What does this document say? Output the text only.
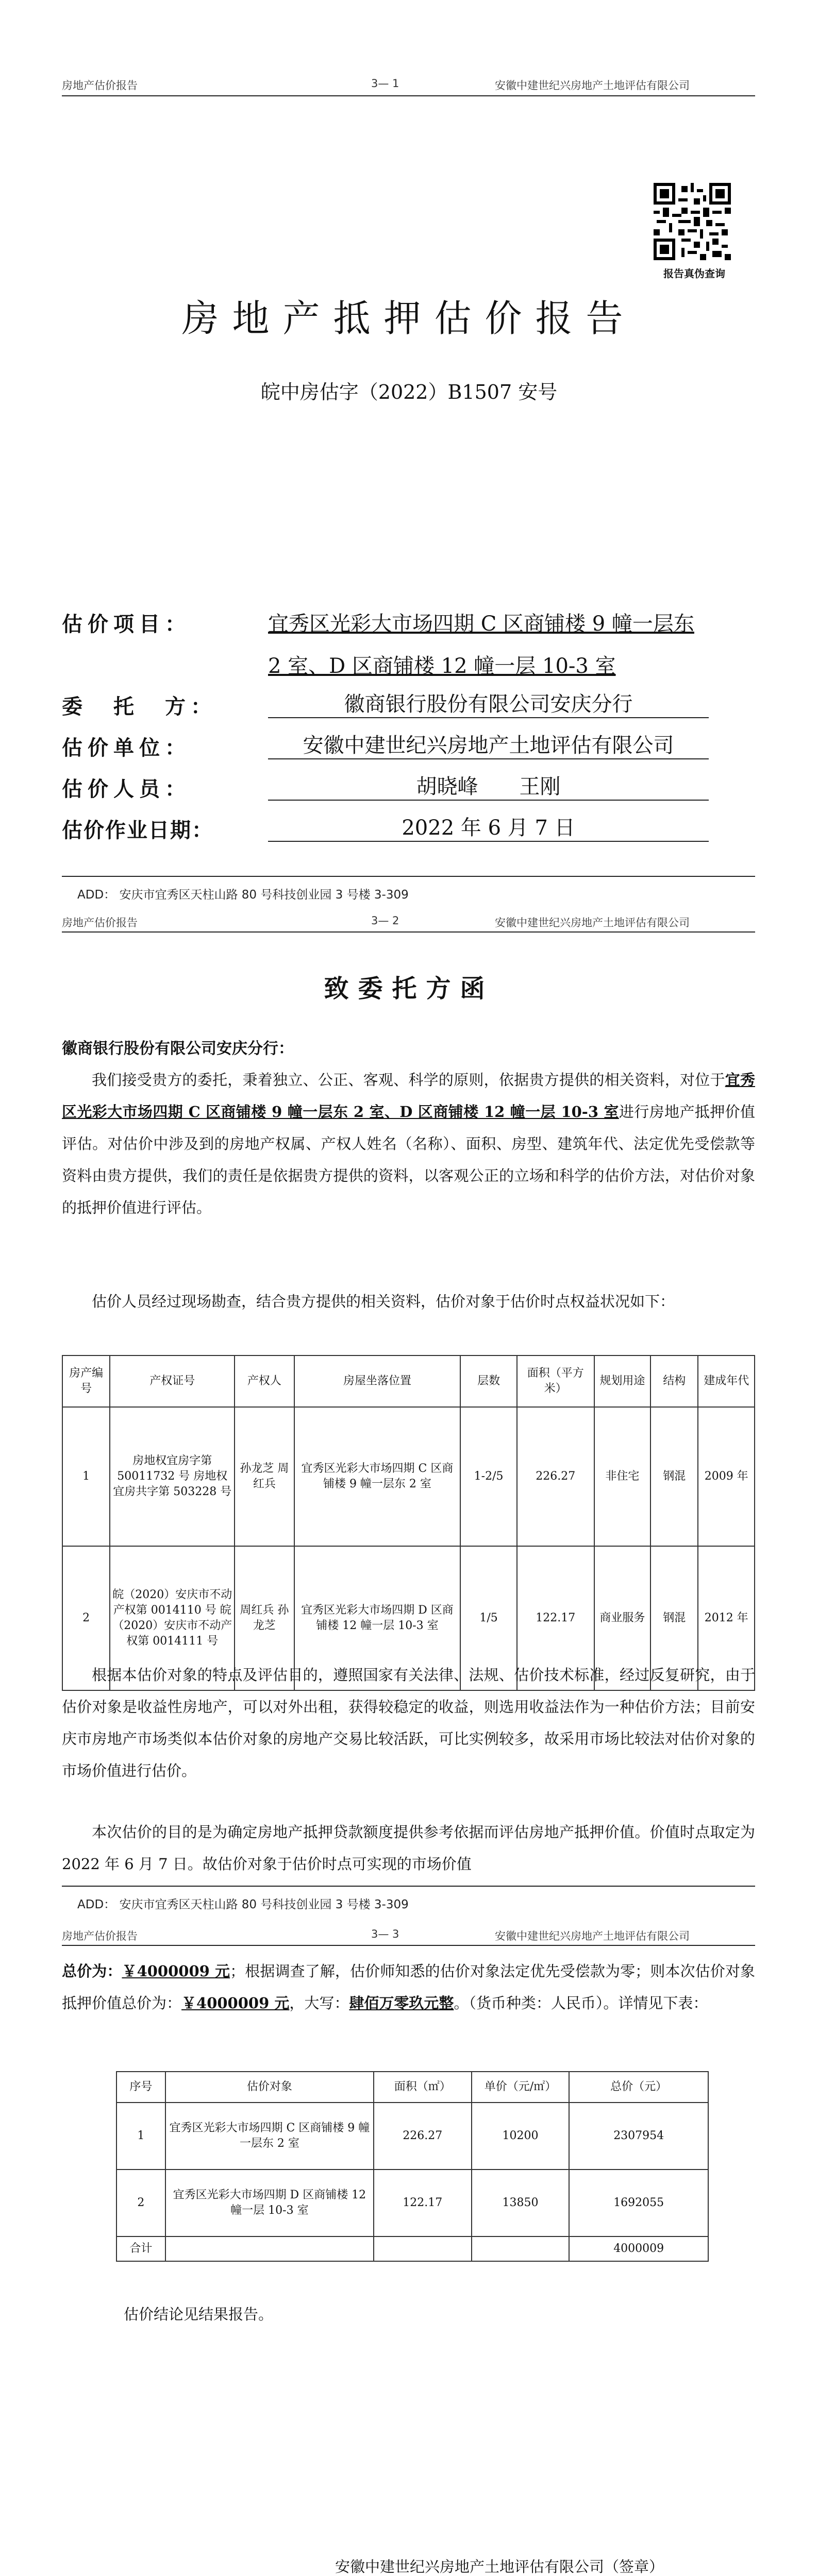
房地产估价报告	3— 1	安徽中建世纪兴房地产土地评估有限公司
报告真伪查询
房地产抵押估价报告
皖中房估字（2022）B1507 安号
估价项目：	宜秀区光彩大市场四期 C 区商铺楼 9 幢一层东 2 室、D 区商铺楼 12 幢一层 10-3 室
委　托　方：	徽商银行股份有限公司安庆分行
估价单位：	安徽中建世纪兴房地产土地评估有限公司
估价人员：	胡晓峰　　王刚
估价作业日期：	2022 年 6 月 7 日
ADD： 安庆市宜秀区天柱山路 80 号科技创业园 3 号楼 3-309
房地产估价报告	3— 2	安徽中建世纪兴房地产土地评估有限公司
致委托方函
徽商银行股份有限公司安庆分行：
我们接受贵方的委托，秉着独立、公正、客观、科学的原则，依据贵方提供的相关资料，对位于宜秀区光彩大市场四期 C 区商铺楼 9 幢一层东 2 室、D 区商铺楼 12 幢一层 10-3 室进行房地产抵押价值评估。对估价中涉及到的房地产权属、产权人姓名（名称）、面积、房型、建筑年代、法定优先受偿款等资料由贵方提供，我们的责任是依据贵方提供的资料，以客观公正的立场和科学的估价方法，对估价对象的抵押价值进行评估。
估价人员经过现场勘查，结合贵方提供的相关资料，估价对象于估价时点权益状况如下：
房产编号	产权证号	产权人	房屋坐落位置	层数	面积（平方米）	规划用途	结构	建成年代
1	房地权宜房字第 50011732 号 房地权宜房共字第 503228 号	孙龙芝 周红兵	宜秀区光彩大市场四期 C 区商铺楼 9 幢一层东 2 室	1-2/5	226.27	非住宅	钢混	2009 年
2	皖（2020）安庆市不动产权第 0014110 号 皖（2020）安庆市不动产权第 0014111 号	周红兵 孙龙芝	宜秀区光彩大市场四期 D 区商铺楼 12 幢一层 10-3 室	1/5	122.17	商业服务	钢混	2012 年
根据本估价对象的特点及评估目的，遵照国家有关法律、法规、估价技术标准，经过反复研究，由于估价对象是收益性房地产，可以对外出租，获得较稳定的收益，则选用收益法作为一种估价方法；目前安庆市房地产市场类似本估价对象的房地产交易比较活跃，可比实例较多，故采用市场比较法对估价对象的市场价值进行估价。
本次估价的目的是为确定房地产抵押贷款额度提供参考依据而评估房地产抵押价值。价值时点取定为 2022 年 6 月 7 日。故估价对象于估价时点可实现的市场价值
ADD： 安庆市宜秀区天柱山路 80 号科技创业园 3 号楼 3-309
房地产估价报告	3— 3	安徽中建世纪兴房地产土地评估有限公司
总价为：￥4000009 元；根据调查了解，估价师知悉的估价对象法定优先受偿款为零；则本次估价对象抵押价值总价为：￥4000009 元，大写：肆佰万零玖元整。（货币种类：人民币）。详情见下表：
序号	估价对象	面积（㎡）	单价（元/㎡）	总价（元）
1	宜秀区光彩大市场四期 C 区商铺楼 9 幢一层东 2 室	226.27	10200	2307954
2	宜秀区光彩大市场四期 D 区商铺楼 12 幢一层 10-3 室	122.17	13850	1692055
合计				4000009
估价结论见结果报告。
安徽中建世纪兴房地产土地评估有限公司（签章）
